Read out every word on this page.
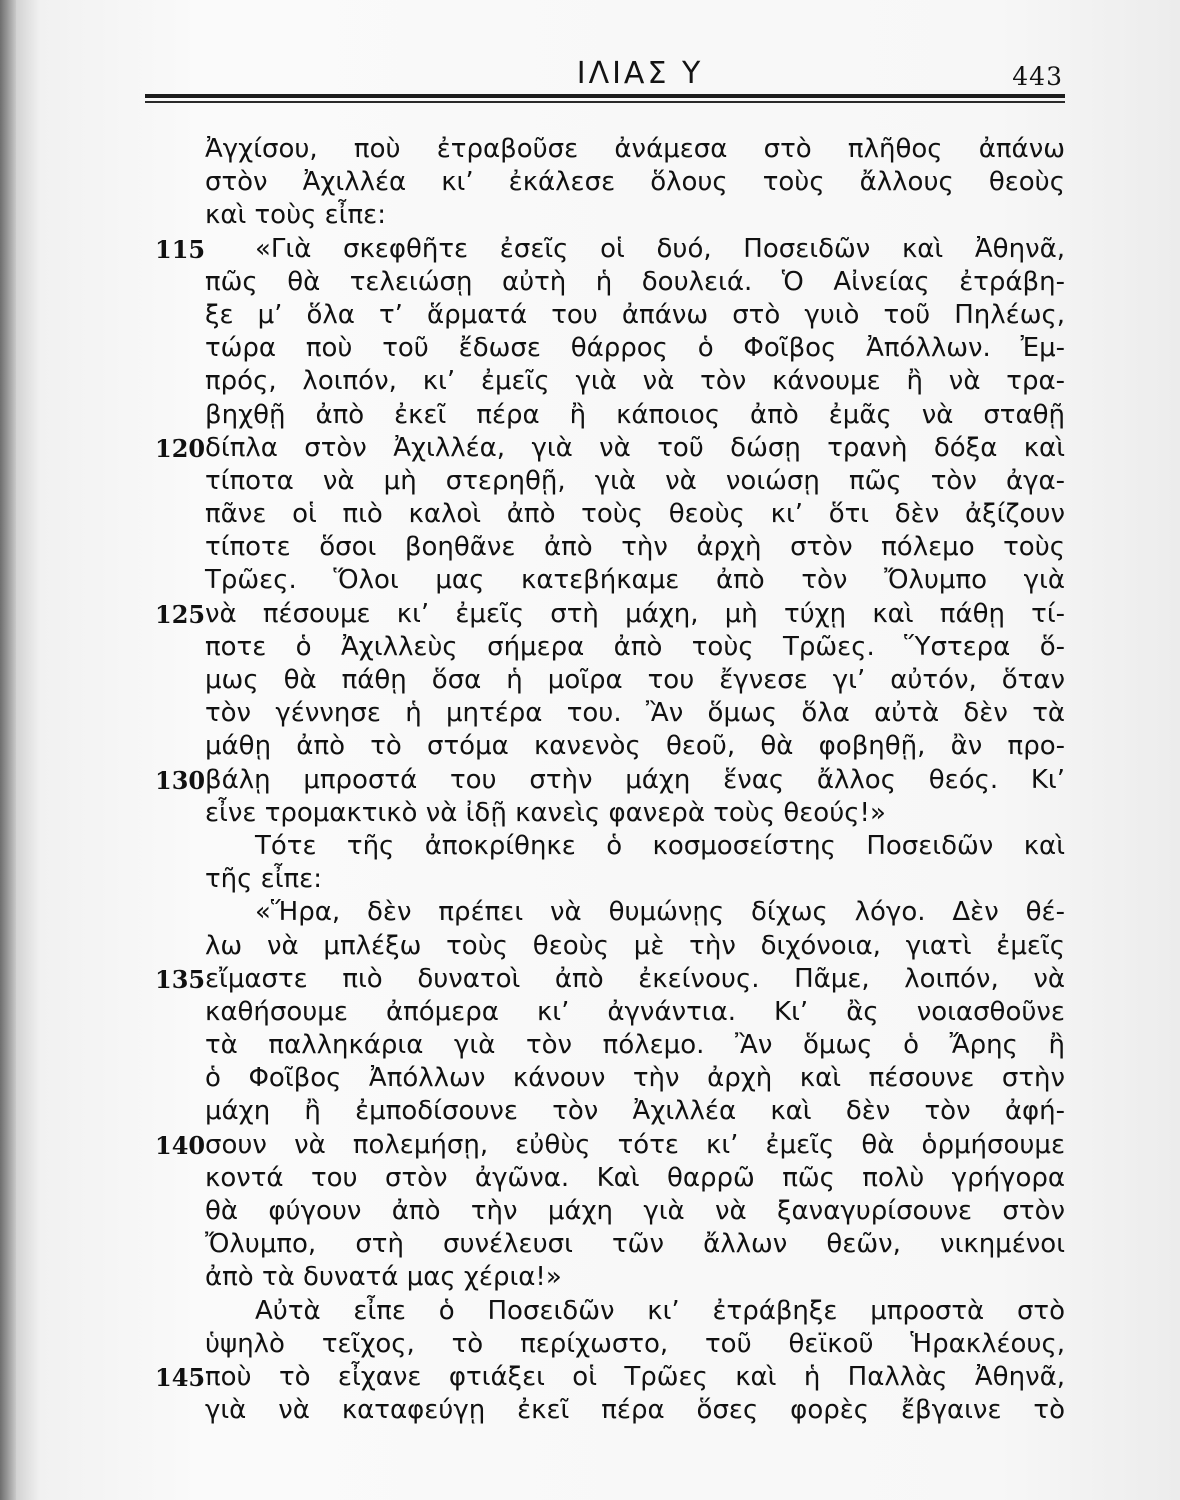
ΙΛΙΑΣ Υ	443
Ἀγχίσου, ποὺ ἐτραβοῦσε ἀνάμεσα στὸ πλῆθος ἀπάνω
στὸν Ἀχιλλέα κι’ ἐκάλεσε ὅλους τοὺς ἄλλους θεοὺς
καὶ τοὺς εἶπε:
115 «Γιὰ σκεφθῆτε ἐσεῖς οἱ δυό, Ποσειδῶν καὶ Ἀθηνᾶ,
πῶς θὰ τελειώσῃ αὐτὴ ἡ δουλειά. Ὁ Αἰνείας ἐτράβη-
ξε μ’ ὅλα τ’ ἅρματά του ἀπάνω στὸ γυιὸ τοῦ Πηλέως,
τώρα ποὺ τοῦ ἔδωσε θάρρος ὁ Φοῖβος Ἀπόλλων. Ἐμ-
πρός, λοιπόν, κι’ ἐμεῖς γιὰ νὰ τὸν κάνουμε ἢ νὰ τρα-
βηχθῇ ἀπὸ ἐκεῖ πέρα ἢ κάποιος ἀπὸ ἐμᾶς νὰ σταθῇ
120 δίπλα στὸν Ἀχιλλέα, γιὰ νὰ τοῦ δώσῃ τρανὴ δόξα καὶ
τίποτα νὰ μὴ στερηθῇ, γιὰ νὰ νοιώσῃ πῶς τὸν ἀγα-
πᾶνε οἱ πιὸ καλοὶ ἀπὸ τοὺς θεοὺς κι’ ὅτι δὲν ἀξίζουν
τίποτε ὅσοι βοηθᾶνε ἀπὸ τὴν ἀρχὴ στὸν πόλεμο τοὺς
Τρῶες. Ὅλοι μας κατεβήκαμε ἀπὸ τὸν Ὄλυμπο γιὰ
125 νὰ πέσουμε κι’ ἐμεῖς στὴ μάχη, μὴ τύχῃ καὶ πάθῃ τί-
ποτε ὁ Ἀχιλλεὺς σήμερα ἀπὸ τοὺς Τρῶες. Ὕστερα ὅ-
μως θὰ πάθῃ ὅσα ἡ μοῖρα του ἔγνεσε γι’ αὐτόν, ὅταν
τὸν γέννησε ἡ μητέρα του. Ἂν ὅμως ὅλα αὐτὰ δὲν τὰ
μάθῃ ἀπὸ τὸ στόμα κανενὸς θεοῦ, θὰ φοβηθῇ, ἂν προ-
130 βάλῃ μπροστά του στὴν μάχη ἕνας ἄλλος θεός. Κι’
εἶνε τρομακτικὸ νὰ ἰδῇ κανεὶς φανερὰ τοὺς θεούς!»
Τότε τῆς ἀποκρίθηκε ὁ κοσμοσείστης Ποσειδῶν καὶ
τῆς εἶπε:
«Ἥρα, δὲν πρέπει νὰ θυμώνῃς δίχως λόγο. Δὲν θέ-
λω νὰ μπλέξω τοὺς θεοὺς μὲ τὴν διχόνοια, γιατὶ ἐμεῖς
135 εἴμαστε πιὸ δυνατοὶ ἀπὸ ἐκείνους. Πᾶμε, λοιπόν, νὰ
καθήσουμε ἀπόμερα κι’ ἀγνάντια. Κι’ ἂς νοιασθοῦνε
τὰ παλληκάρια γιὰ τὸν πόλεμο. Ἂν ὅμως ὁ Ἄρης ἢ
ὁ Φοῖβος Ἀπόλλων κάνουν τὴν ἀρχὴ καὶ πέσουνε στὴν
μάχη ἢ ἐμποδίσουνε τὸν Ἀχιλλέα καὶ δὲν τὸν ἀφή-
140 σουν νὰ πολεμήσῃ, εὐθὺς τότε κι’ ἐμεῖς θὰ ὁρμήσουμε
κοντά του στὸν ἀγῶνα. Καὶ θαρρῶ πῶς πολὺ γρήγορα
θὰ φύγουν ἀπὸ τὴν μάχη γιὰ νὰ ξαναγυρίσουνε στὸν
Ὄλυμπο, στὴ συνέλευσι τῶν ἄλλων θεῶν, νικημένοι
ἀπὸ τὰ δυνατά μας χέρια!»
Αὐτὰ εἶπε ὁ Ποσειδῶν κι’ ἐτράβηξε μπροστὰ στὸ
ὑψηλὸ τεῖχος, τὸ περίχωστο, τοῦ θεϊκοῦ Ἡρακλέους,
145 ποὺ τὸ εἶχανε φτιάξει οἱ Τρῶες καὶ ἡ Παλλὰς Ἀθηνᾶ,
γιὰ νὰ καταφεύγῃ ἐκεῖ πέρα ὅσες φορὲς ἔβγαινε τὸ
